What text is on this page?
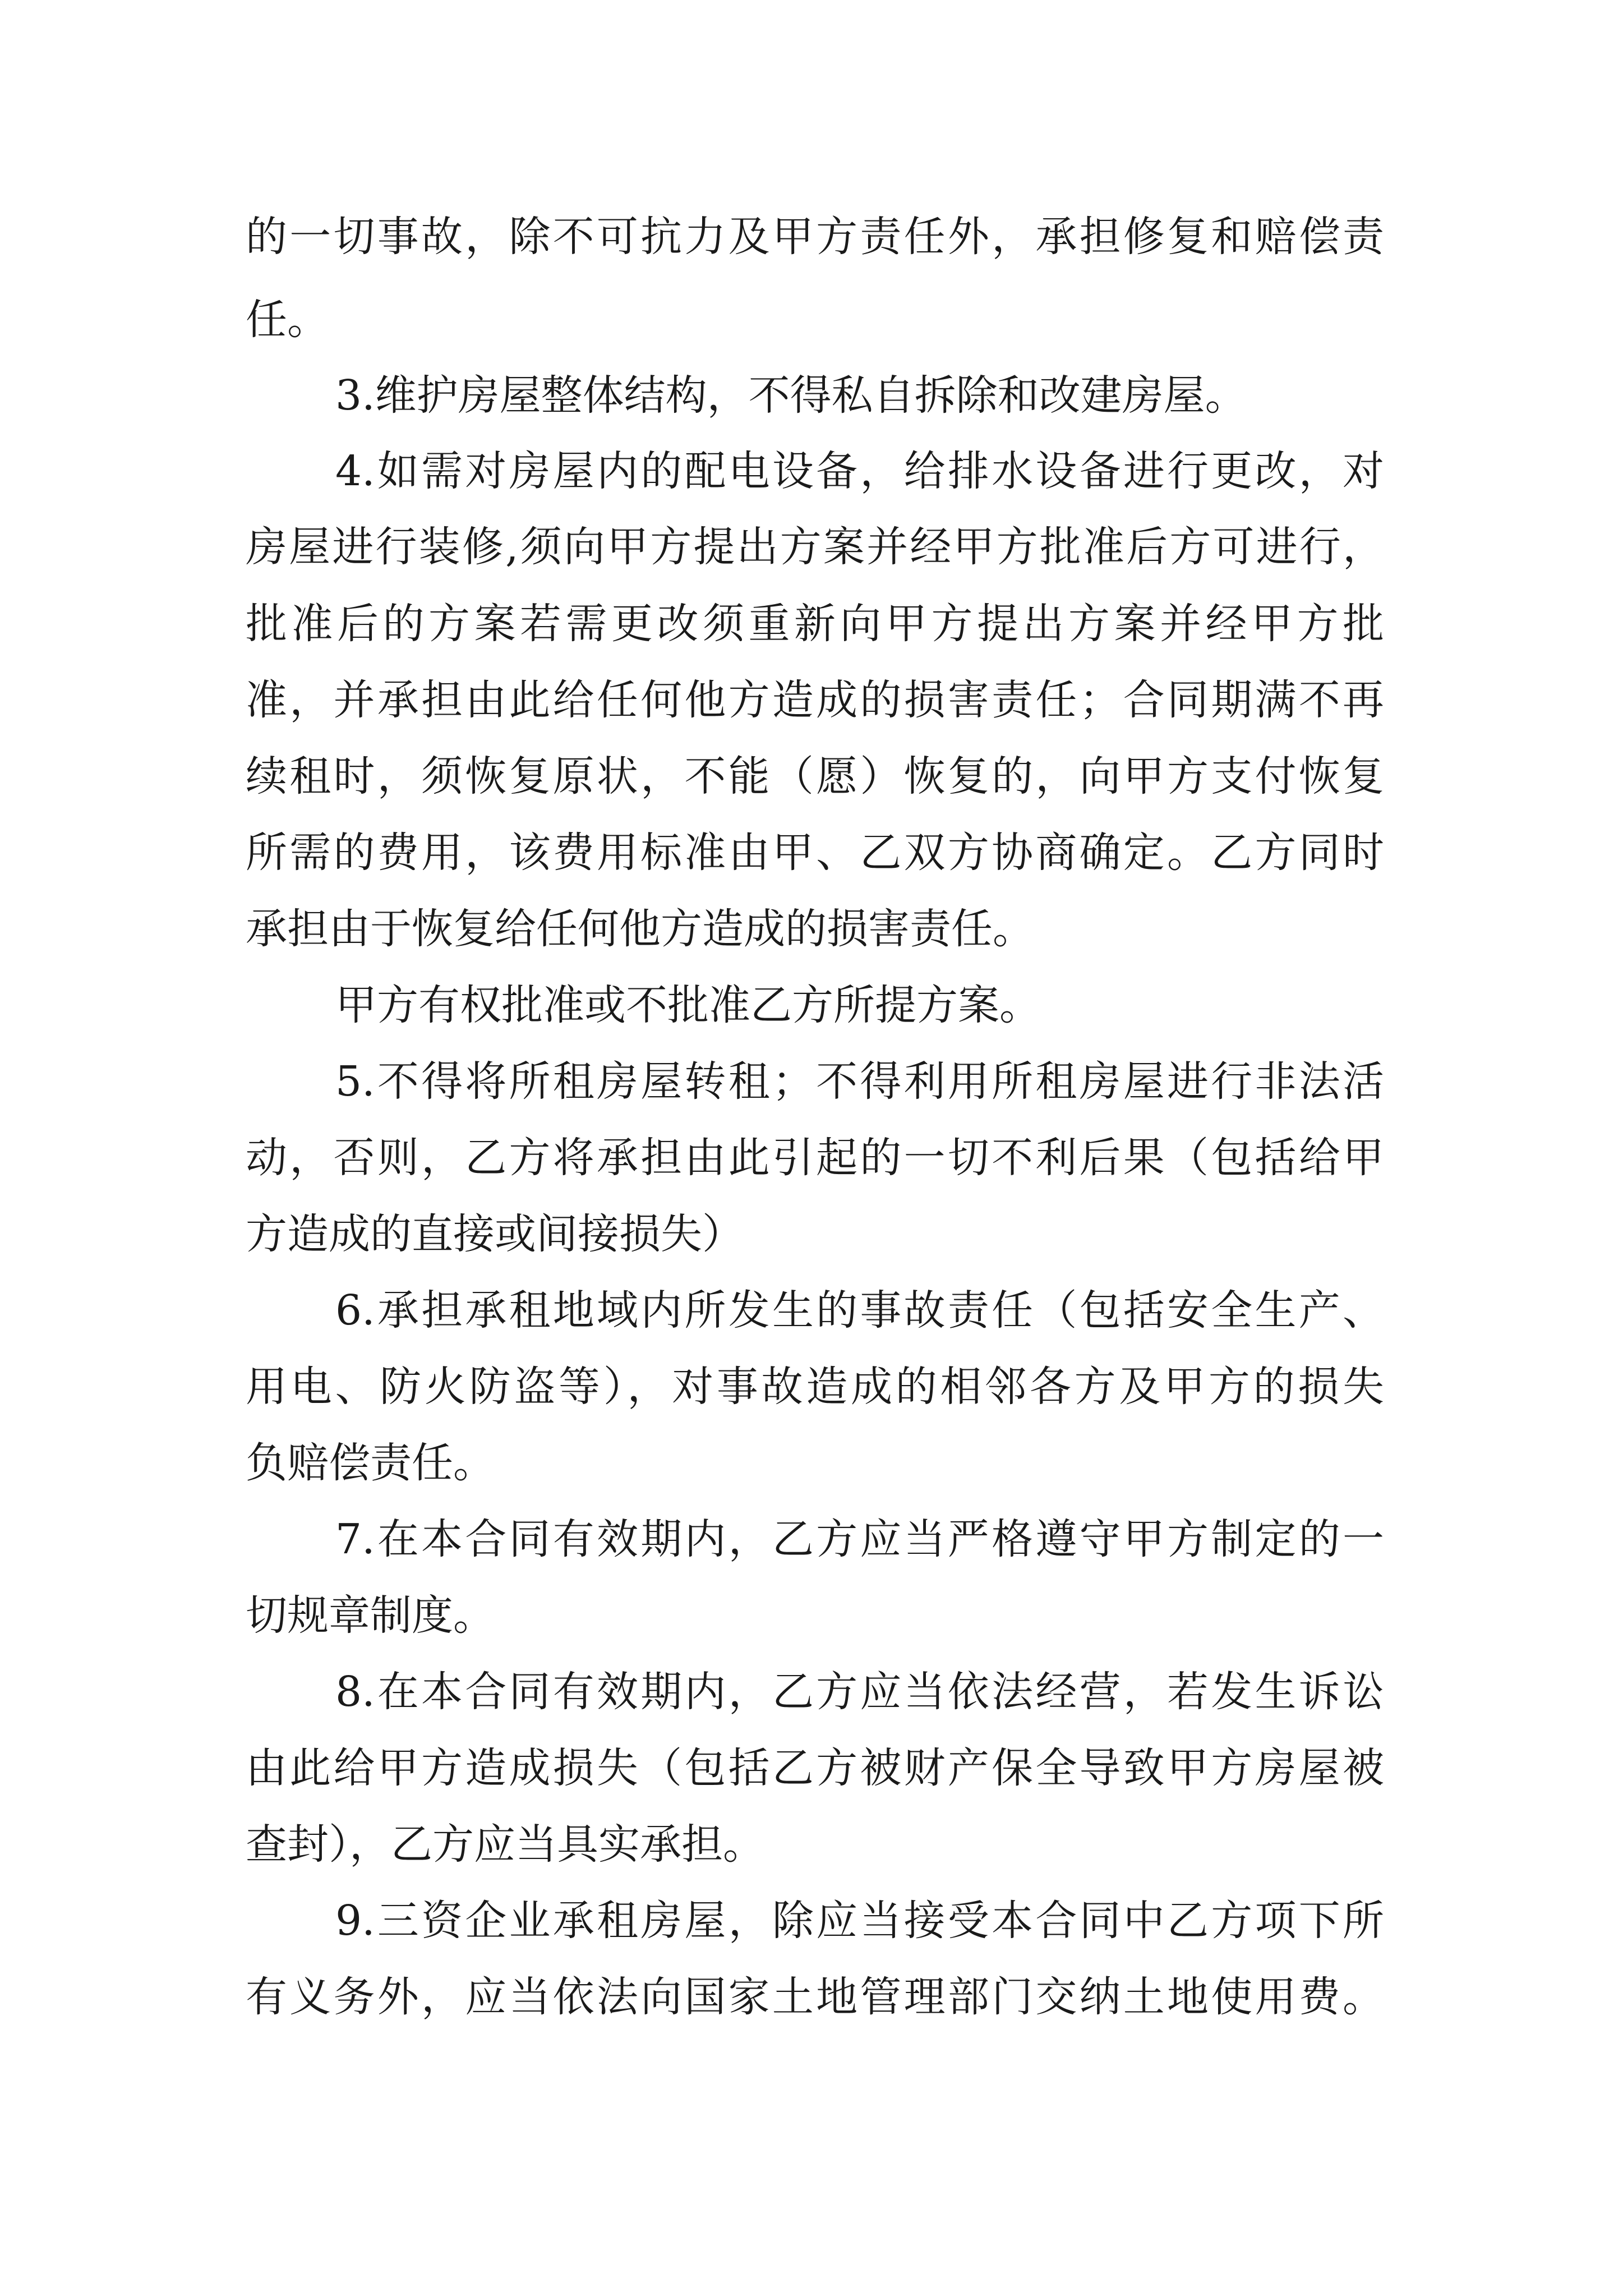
的一切事故，除不可抗力及甲方责任外，承担修复和赔偿责
任。
3.维护房屋整体结构，不得私自拆除和改建房屋。
4.如需对房屋内的配电设备，给排水设备进行更改，对
房屋进行装修,须向甲方提出方案并经甲方批准后方可进行，
批准后的方案若需更改须重新向甲方提出方案并经甲方批
准，并承担由此给任何他方造成的损害责任；合同期满不再
续租时，须恢复原状，不能（愿）恢复的，向甲方支付恢复
所需的费用，该费用标准由甲、乙双方协商确定。乙方同时
承担由于恢复给任何他方造成的损害责任。
甲方有权批准或不批准乙方所提方案。
5.不得将所租房屋转租；不得利用所租房屋进行非法活
动，否则，乙方将承担由此引起的一切不利后果（包括给甲
方造成的直接或间接损失）
6.承担承租地域内所发生的事故责任（包括安全生产、
用电、防火防盗等），对事故造成的相邻各方及甲方的损失
负赔偿责任。
7.在本合同有效期内，乙方应当严格遵守甲方制定的一
切规章制度。
8.在本合同有效期内，乙方应当依法经营，若发生诉讼
由此给甲方造成损失（包括乙方被财产保全导致甲方房屋被
查封），乙方应当具实承担。
9.三资企业承租房屋，除应当接受本合同中乙方项下所
有义务外，应当依法向国家土地管理部门交纳土地使用费。
